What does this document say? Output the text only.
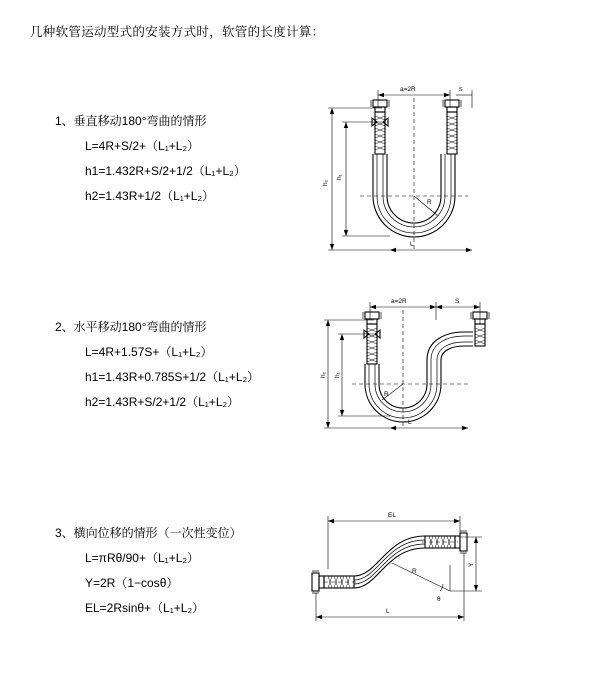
几种软管运动型式的安装方式时，软管的长度计算：
1、垂直移动180°弯曲的情形
L=4R+S/2+（L₁+L₂）
h1=1.432R+S/2+1/2（L₁+L₂）
h2=1.43R+1/2（L₁+L₂）
a=2R	S
h₂
h₁
R
L
2、水平移动180°弯曲的情形
L=4R+1.57S+（L₁+L₂）
h1=1.43R+0.785S+1/2（L₁+L₂）
h2=1.43R+S/2+1/2（L₁+L₂）
a=2R	S
h₂ h₁
R
L
3、横向位移的情形（一次性变位）
L=πRθ/90+（L₁+L₂）
Y=2R（1−cosθ）
EL=2Rsinθ+（L₁+L₂）
EL
Y
θ
R
L
